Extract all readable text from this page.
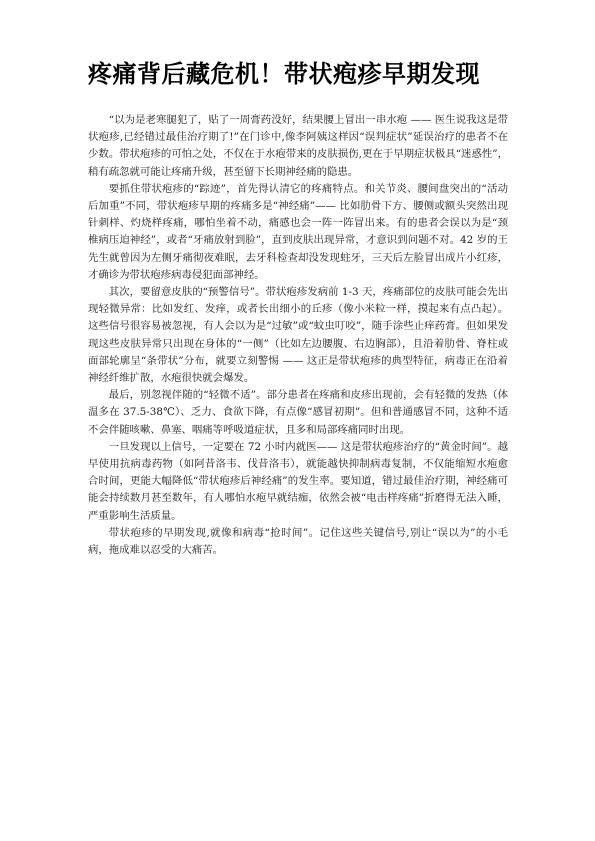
疼痛背后藏危机！带状疱疹早期发现

“以为是老寒腿犯了，贴了一周膏药没好，结果腰上冒出一串水疱 —— 医生说我这是带状疱疹,已经错过最佳治疗期了!”在门诊中,像李阿姨这样因“误判症状”延误治疗的患者不在少数。带状疱疹的可怕之处，不仅在于水疱带来的皮肤损伤,更在于早期症状极具“迷惑性”，稍有疏忽就可能让疼痛升级，甚至留下长期神经痛的隐患。

要抓住带状疱疹的“踪迹”，首先得认清它的疼痛特点。和关节炎、腰间盘突出的“活动后加重”不同，带状疱疹早期的疼痛多是“神经痛”—— 比如肋骨下方、腰侧或额头突然出现针刺样、灼烧样疼痛，哪怕坐着不动，痛感也会一阵一阵冒出来。有的患者会误以为是“颈椎病压迫神经”，或者“牙痛放射到脸”，直到皮肤出现异常，才意识到问题不对。42 岁的王先生就曾因为左侧牙痛彻夜难眠，去牙科检查却没发现蛀牙，三天后左脸冒出成片小红疹，才确诊为带状疱疹病毒侵犯面部神经。

其次，要留意皮肤的“预警信号”。带状疱疹发病前 1-3 天，疼痛部位的皮肤可能会先出现轻微异常：比如发红、发痒，或者长出细小的丘疹（像小米粒一样，摸起来有点凸起）。这些信号很容易被忽视，有人会以为是“过敏”或“蚊虫叮咬”，随手涂些止痒药膏。但如果发现这些皮肤异常只出现在身体的“一侧”（比如左边腰腹、右边胸部），且沿着肋骨、脊柱或面部轮廓呈“条带状”分布，就要立刻警惕 —— 这正是带状疱疹的典型特征，病毒正在沿着神经纤维扩散，水疱很快就会爆发。

最后，别忽视伴随的“轻微不适”。部分患者在疼痛和皮疹出现前，会有轻微的发热（体温多在 37.5-38℃）、乏力、食欲下降，有点像“感冒初期”。但和普通感冒不同，这种不适不会伴随咳嗽、鼻塞、咽痛等呼吸道症状，且多和局部疼痛同时出现。

一旦发现以上信号，一定要在 72 小时内就医—— 这是带状疱疹治疗的“黄金时间”。越早使用抗病毒药物（如阿昔洛韦、伐昔洛韦），就能越快抑制病毒复制，不仅能缩短水疱愈合时间，更能大幅降低“带状疱疹后神经痛”的发生率。要知道，错过最佳治疗期，神经痛可能会持续数月甚至数年，有人哪怕水疱早就结痂，依然会被“电击样疼痛”折磨得无法入睡，严重影响生活质量。

带状疱疹的早期发现,就像和病毒“抢时间”。记住这些关键信号,别让“误以为”的小毛病，拖成难以忍受的大痛苦。
